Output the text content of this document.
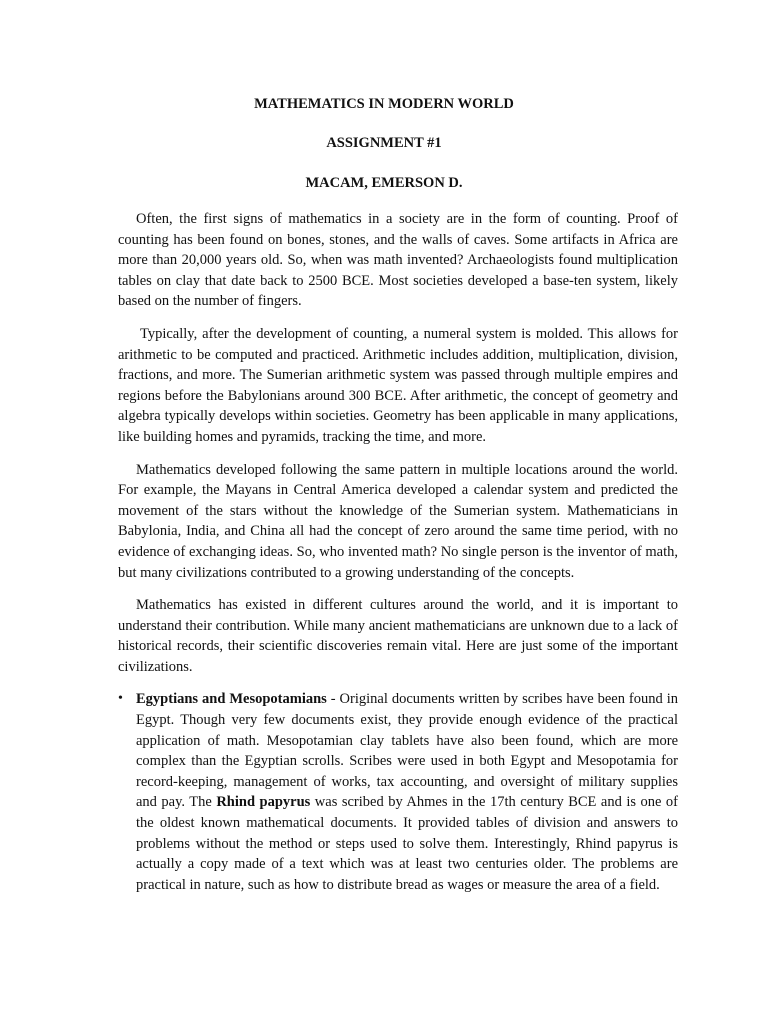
MATHEMATICS IN MODERN WORLD
ASSIGNMENT #1
MACAM, EMERSON D.

Often, the first signs of mathematics in a society are in the form of counting. Proof of counting has been found on bones, stones, and the walls of caves. Some artifacts in Africa are more than 20,000 years old. So, when was math invented? Archaeologists found multiplication tables on clay that date back to 2500 BCE. Most societies developed a base-ten system, likely based on the number of fingers.

Typically, after the development of counting, a numeral system is molded. This allows for arithmetic to be computed and practiced. Arithmetic includes addition, multiplication, division, fractions, and more. The Sumerian arithmetic system was passed through multiple empires and regions before the Babylonians around 300 BCE. After arithmetic, the concept of geometry and algebra typically develops within societies. Geometry has been applicable in many applications, like building homes and pyramids, tracking the time, and more.

Mathematics developed following the same pattern in multiple locations around the world. For example, the Mayans in Central America developed a calendar system and predicted the movement of the stars without the knowledge of the Sumerian system. Mathematicians in Babylonia, India, and China all had the concept of zero around the same time period, with no evidence of exchanging ideas. So, who invented math? No single person is the inventor of math, but many civilizations contributed to a growing understanding of the concepts.

Mathematics has existed in different cultures around the world, and it is important to understand their contribution. While many ancient mathematicians are unknown due to a lack of historical records, their scientific discoveries remain vital. Here are just some of the important civilizations.

• Egyptians and Mesopotamians - Original documents written by scribes have been found in Egypt. Though very few documents exist, they provide enough evidence of the practical application of math. Mesopotamian clay tablets have also been found, which are more complex than the Egyptian scrolls. Scribes were used in both Egypt and Mesopotamia for record-keeping, management of works, tax accounting, and oversight of military supplies and pay. The Rhind papyrus was scribed by Ahmes in the 17th century BCE and is one of the oldest known mathematical documents. It provided tables of division and answers to problems without the method or steps used to solve them. Interestingly, Rhind papyrus is actually a copy made of a text which was at least two centuries older. The problems are practical in nature, such as how to distribute bread as wages or measure the area of a field.
